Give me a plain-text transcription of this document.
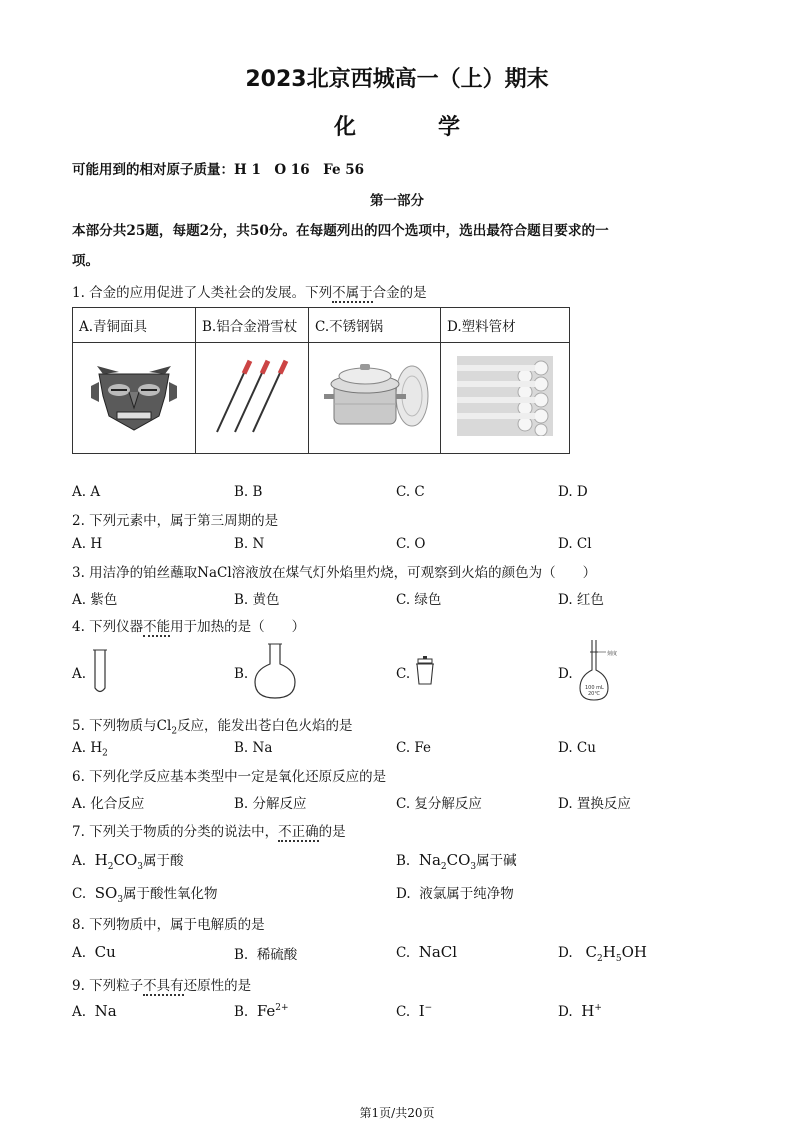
2023北京西城高一（上）期末
化　学
可能用到的相对原子质量：H 1　O 16　Fe 56
第一部分
本部分共25题，每题2分，共50分。在每题列出的四个选项中，选出最符合题目要求的一
项。
1. 合金的应用促进了人类社会的发展。下列不属于合金的是
A.青铜面具	B.铝合金滑雪杖	C.不锈钢锅	D.塑料管材

A. A	B. B	C. C	D. D
2. 下列元素中，属于第三周期的是
A. H	B. N	C. O	D. Cl
3. 用洁净的铂丝蘸取NaCl溶液放在煤气灯外焰里灼烧，可观察到火焰的颜色为（　　）
A. 紫色	B. 黄色	C. 绿色	D. 红色
4. 下列仪器不能用于加热的是（　　）
A.	B.	C.	D.
刻度
100 mL
20℃
5. 下列物质与$Cl_2$反应，能发出苍白色火焰的是
A. $H_2$	B. Na	C. Fe	D. Cu
6. 下列化学反应基本类型中一定是氧化还原反应的是
A. 化合反应	B. 分解反应	C. 复分解反应	D. 置换反应
7. 下列关于物质的分类的说法中，不正确的是
A. $H_2CO_3$属于酸	B. $Na_2CO_3$属于碱
C. $SO_3$属于酸性氧化物	D. 液氯属于纯净物
8. 下列物质中，属于电解质的是
A. Cu	B. 稀硫酸	C. NaCl	D. $C_2H_5OH$
9. 下列粒子不具有还原性的是
A. Na	B. $Fe^{2+}$	C. I−	D. H+
第1页/共20页
